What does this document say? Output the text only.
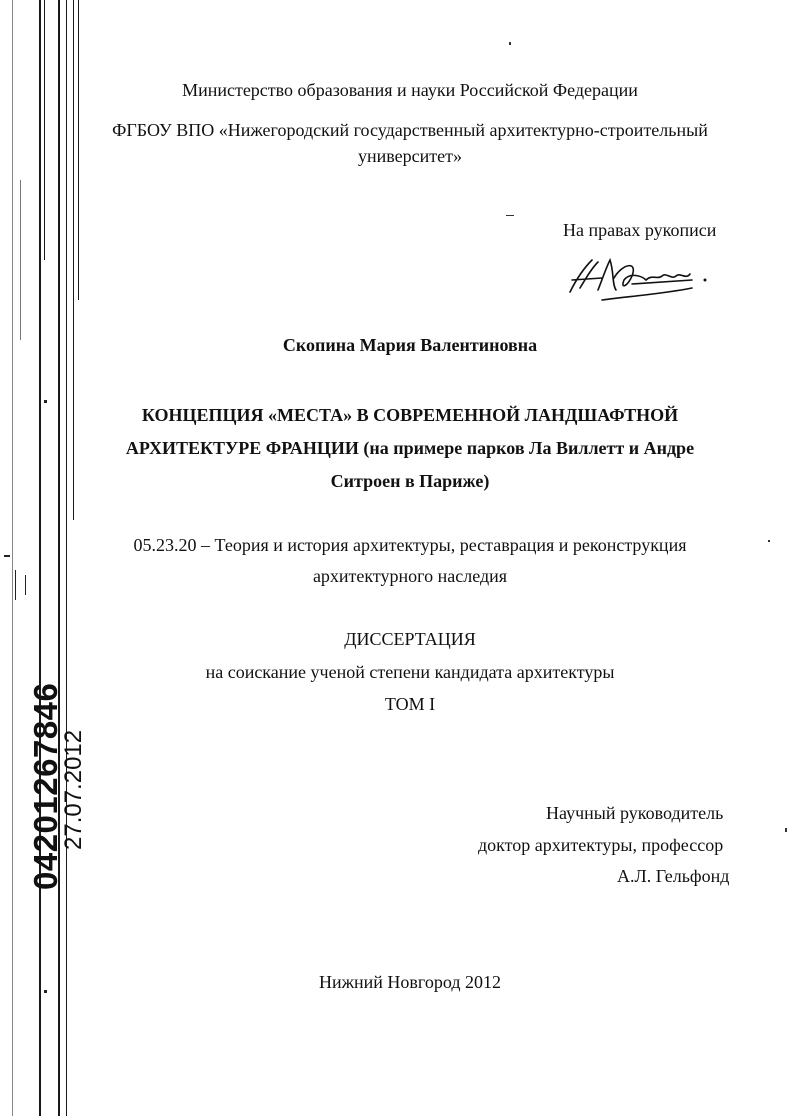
04201267846
27.07.2012
Министерство образования и науки Российской Федерации
ФГБОУ ВПО «Нижегородский государственный архитектурно-строительный
университет»
На правах рукописи
Скопина Мария Валентиновна
КОНЦЕПЦИЯ «МЕСТА» В СОВРЕМЕННОЙ ЛАНДШАФТНОЙ
АРХИТЕКТУРЕ ФРАНЦИИ (на примере парков Ла Виллетт и Андре
Ситроен в Париже)
05.23.20 – Теория и история архитектуры, реставрация и реконструкция
архитектурного наследия
ДИССЕРТАЦИЯ
на соискание ученой степени кандидата архитектуры
ТОМ I
Научный руководитель
доктор архитектуры, профессор
А.Л. Гельфонд
Нижний Новгород 2012
